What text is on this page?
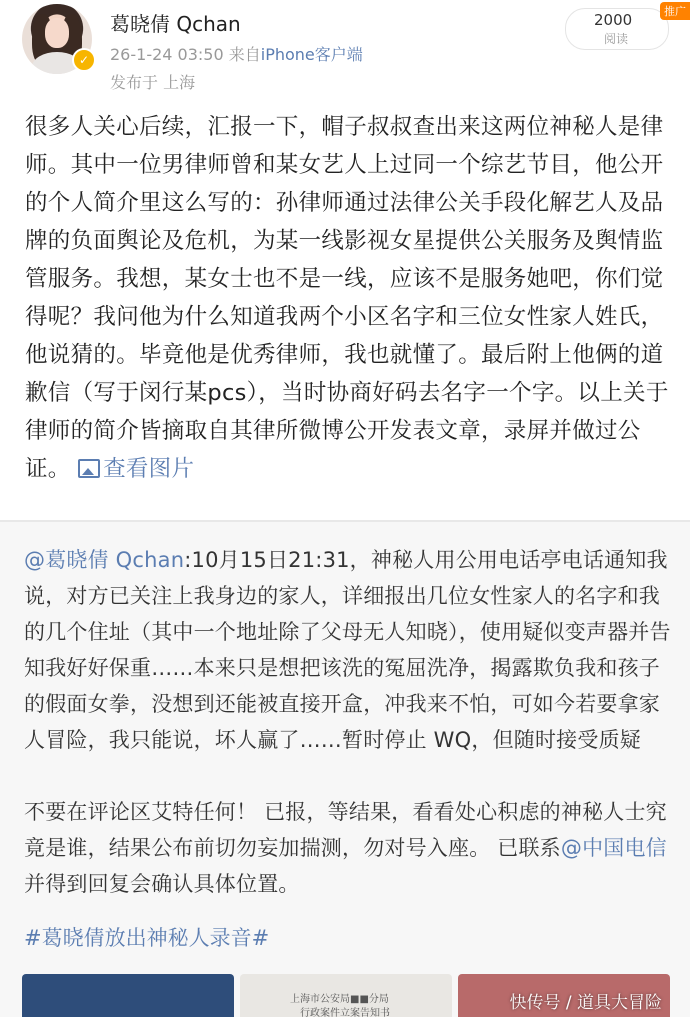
✓
葛晓倩 Qchan
26-1-24 03:50 来自iPhone客户端
发布于 上海
2000
阅读
推广
很多人关心后续，汇报一下，帽子叔叔查出来这两位神秘人是律师。其中一位男律师曾和某女艺人上过同一个综艺节目，他公开的个人简介里这么写的：孙律师通过法律公关手段化解艺人及品牌的负面舆论及危机，为某一线影视女星提供公关服务及舆情监管服务。我想，某女士也不是一线，应该不是服务她吧，你们觉得呢？我问他为什么知道我两个小区名字和三位女性家人姓氏，他说猜的。毕竟他是优秀律师，我也就懂了。最后附上他俩的道歉信（写于闵行某pcs），当时协商好码去名字一个字。以上关于律师的简介皆摘取自其律所微博公开发表文章，录屏并做过公证。 查看图片
@葛晓倩 Qchan:10月15日21:31，神秘人用公用电话亭电话通知我说，对方已关注上我身边的家人，详细报出几位女性家人的名字和我的几个住址（其中一个地址除了父母无人知晓），使用疑似变声器并告知我好好保重……本来只是想把该洗的冤屈洗净，揭露欺负我和孩子的假面女拳，没想到还能被直接开盒，冲我来不怕，可如今若要拿家人冒险，我只能说，坏人赢了……暂时停止 WQ，但随时接受质疑

不要在评论区艾特任何！ 已报，等结果，看看处心积虑的神秘人士究竟是谁，结果公布前切勿妄加揣测，勿对号入座。 已联系@中国电信 并得到回复会确认具体位置。
#葛晓倩放出神秘人录音#
上海市公安局■■分局
行政案件立案告知书
快传号 / 道具大冒险
